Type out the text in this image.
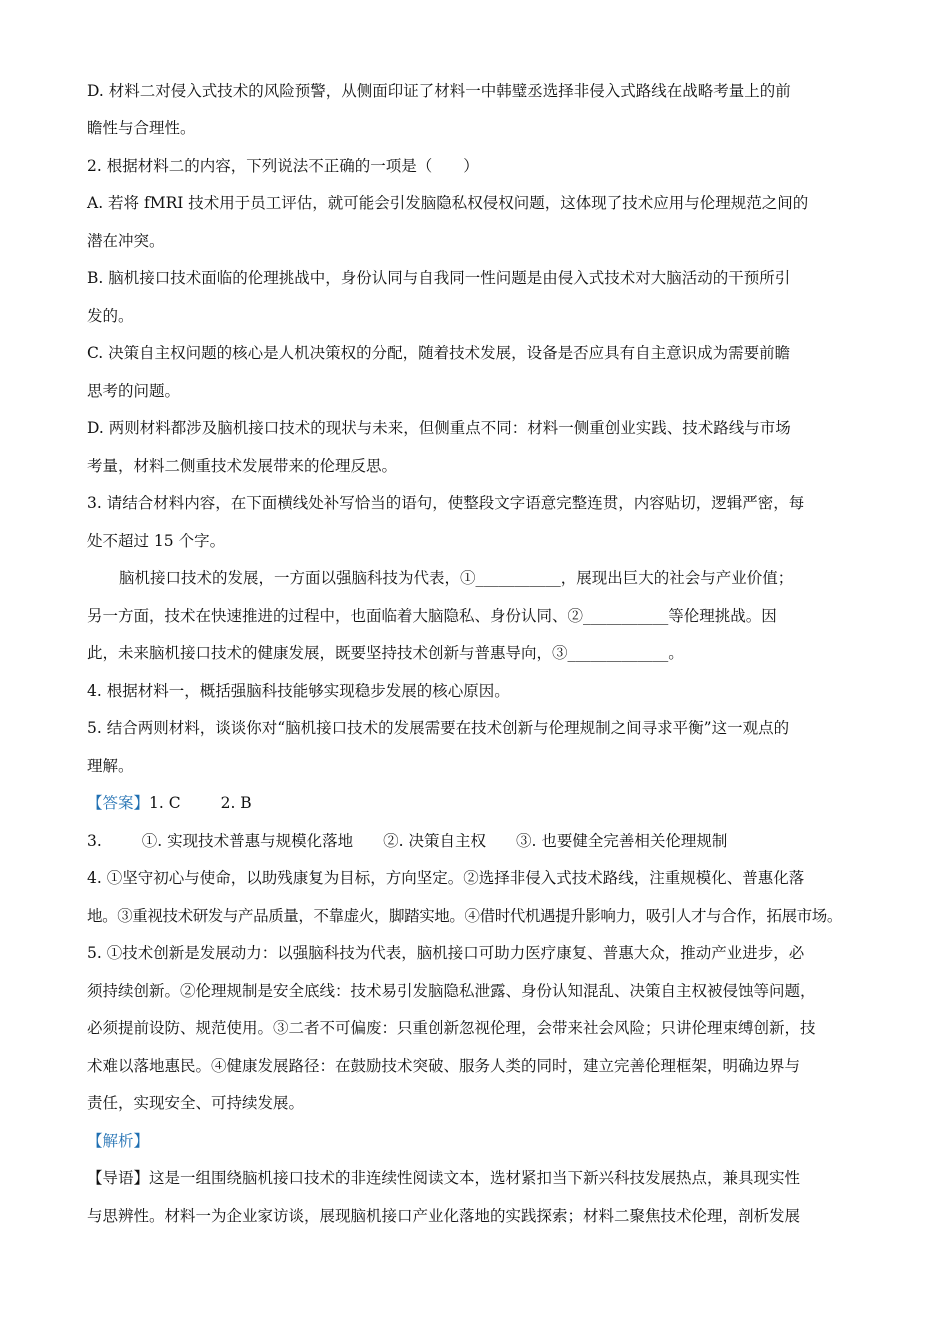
D. 材料二对侵入式技术的风险预警，从侧面印证了材料一中韩璧丞选择非侵入式路线在战略考量上的前
瞻性与合理性。
2. 根据材料二的内容，下列说法不正确的一项是（　　）
A. 若将 fMRI 技术用于员工评估，就可能会引发脑隐私权侵权问题，这体现了技术应用与伦理规范之间的
潜在冲突。
B. 脑机接口技术面临的伦理挑战中，身份认同与自我同一性问题是由侵入式技术对大脑活动的干预所引
发的。
C. 决策自主权问题的核心是人机决策权的分配，随着技术发展，设备是否应具有自主意识成为需要前瞻
思考的问题。
D. 两则材料都涉及脑机接口技术的现状与未来，但侧重点不同：材料一侧重创业实践、技术路线与市场
考量，材料二侧重技术发展带来的伦理反思。
3. 请结合材料内容，在下面横线处补写恰当的语句，使整段文字语意完整连贯，内容贴切，逻辑严密，每
处不超过 15 个字。
脑机接口技术的发展，一方面以强脑科技为代表，①___________，展现出巨大的社会与产业价值；
另一方面，技术在快速推进的过程中，也面临着大脑隐私、身份认同、②___________等伦理挑战。因
此，未来脑机接口技术的健康发展，既要坚持技术创新与普惠导向，③_____________。
4. 根据材料一，概括强脑科技能够实现稳步发展的核心原因。
5. 结合两则材料，谈谈你对“脑机接口技术的发展需要在技术创新与伦理规制之间寻求平衡”这一观点的
理解。
【答案】1. C	2. B
3.	①. 实现技术普惠与规模化落地 ②. 决策自主权 ③. 也要健全完善相关伦理规制
4. ①坚守初心与使命，以助残康复为目标，方向坚定。②选择非侵入式技术路线，注重规模化、普惠化落
地。③重视技术研发与产品质量，不靠虚火，脚踏实地。④借时代机遇提升影响力，吸引人才与合作，拓展市场。
5. ①技术创新是发展动力：以强脑科技为代表，脑机接口可助力医疗康复、普惠大众，推动产业进步，必
须持续创新。②伦理规制是安全底线：技术易引发脑隐私泄露、身份认知混乱、决策自主权被侵蚀等问题，
必须提前设防、规范使用。③二者不可偏废：只重创新忽视伦理，会带来社会风险；只讲伦理束缚创新，技
术难以落地惠民。④健康发展路径：在鼓励技术突破、服务人类的同时，建立完善伦理框架，明确边界与
责任，实现安全、可持续发展。
【解析】
【导语】这是一组围绕脑机接口技术的非连续性阅读文本，选材紧扣当下新兴科技发展热点，兼具现实性
与思辨性。材料一为企业家访谈，展现脑机接口产业化落地的实践探索；材料二聚焦技术伦理，剖析发展
